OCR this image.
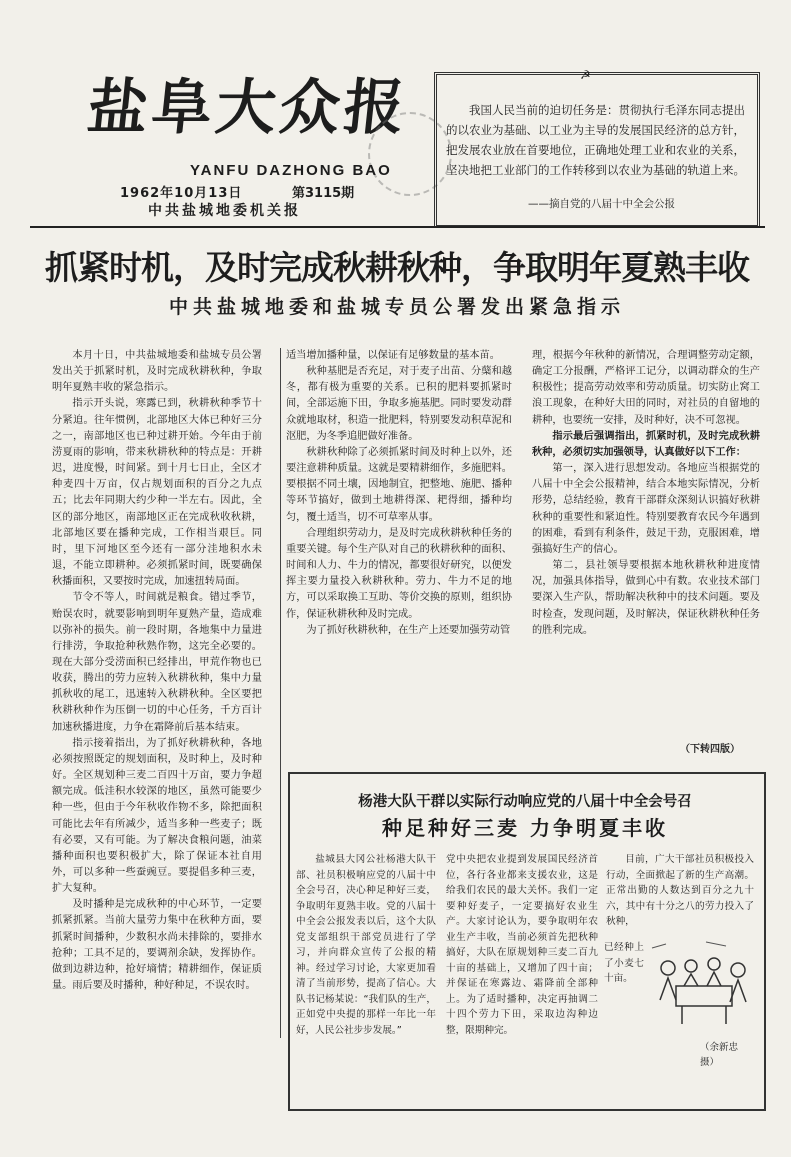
盐阜大众报
YANFU DAZHONG BAO
1962年10月13日	第3115期
中共盐城地委机关报
☭
我国人民当前的迫切任务是：贯彻执行毛泽东同志提出的以农业为基础、以工业为主导的发展国民经济的总方针，把发展农业放在首要地位，正确地处理工业和农业的关系，坚决地把工业部门的工作转移到以农业为基础的轨道上来。
——摘自党的八届十中全会公报
抓紧时机，及时完成秋耕秋种，争取明年夏熟丰收
中共盐城地委和盐城专员公署发出紧急指示

本月十日，中共盐城地委和盐城专员公署发出关于抓紧时机，及时完成秋耕秋种，争取明年夏熟丰收的紧急指示。

指示开头说，寒露已到，秋耕秋种季节十分紧迫。往年惯例，北部地区大体已种好三分之一，南部地区也已种过耕开始。今年由于前涝夏雨的影响，带来秋耕秋种的特点是：开耕迟，进度慢，时间紧。到十月七日止，全区才种麦四十万亩，仅占规划面积的百分之九点五；比去年同期大约少种一半左右。因此，全区的部分地区，南部地区正在完成秋收秋耕，北部地区要在播种完成，工作相当艰巨。同时，里下河地区至今还有一部分洼地积水未退，不能立即耕种。必须抓紧时间，既要确保秋播面积，又要按时完成，加速扭转局面。

节令不等人，时间就是粮食。错过季节，贻误农时，就要影响到明年夏熟产量，造成难以弥补的损失。前一段时期，各地集中力量进行排涝，争取抢种秋熟作物，这完全必要的。现在大部分受涝面积已经排出，甲荒作物也已收获，腾出的劳力应转入秋耕秋种，集中力量抓秋收的尾工，迅速转入秋耕秋种。全区要把秋耕秋种作为压倒一切的中心任务，千方百计加速秋播进度，力争在霜降前后基本结束。

指示接着指出，为了抓好秋耕秋种，各地必须按照既定的规划面积，及时种上，及时种好。全区规划种三麦二百四十万亩，要力争超额完成。低洼积水较深的地区，虽然可能要少种一些，但由于今年秋收作物不多，除把面积可能比去年有所减少，适当多种一些麦子；既有必要，又有可能。为了解决食粮问题，油菜播种面积也要积极扩大，除了保证本社自用外，可以多种一些蚕豌豆。要提倡多种三麦，扩大复种。

及时播种是完成秋种的中心环节，一定要抓紧抓紧。当前大量劳力集中在秋种方面，要抓紧时间播种，少数积水尚未排除的，要排水抢种；工具不足的，要调剂余缺，发挥协作。做到边耕边种，抢好墒情；精耕细作，保证质量。雨后要及时播种，种好种足，不误农时。

适当增加播种量，以保证有足够数量的基本苗。

秋种基肥是否充足，对于麦子出苗、分蘖和越冬，都有极为重要的关系。已积的肥料要抓紧时间，全部运施下田，争取多施基肥。同时要发动群众就地取材，积造一批肥料，特别要发动积草泥和沤肥，为冬季追肥做好准备。

秋耕秋种除了必须抓紧时间及时种上以外，还要注意耕种质量。这就是要精耕细作，多施肥料。要根据不同土壤，因地制宜，把整地、施肥、播种等环节搞好，做到土地耕得深、耙得细，播种均匀，覆土适当，切不可草率从事。

合理组织劳动力，是及时完成秋耕秋种任务的重要关键。每个生产队对自己的秋耕秋种的面积、时间和人力、牛力的情况，都要很好研究，以便发挥主要力量投入秋耕秋种。劳力、牛力不足的地方，可以采取换工互助、等价交换的原则，组织协作，保证秋耕秋种及时完成。

为了抓好秋耕秋种，在生产上还要加强劳动管

理，根据今年秋种的新情况，合理调整劳动定额，确定工分报酬，严格评工记分，以调动群众的生产积极性；提高劳动效率和劳动质量。切实防止窝工浪工现象，在种好大田的同时，对社员的自留地的耕种，也要统一安排，及时种好，决不可忽视。

指示最后强调指出，抓紧时机，及时完成秋耕秋种，必须切实加强领导，认真做好以下工作：

第一，深入进行思想发动。各地应当根据党的八届十中全会公报精神，结合本地实际情况，分析形势，总结经验，教育干部群众深刻认识搞好秋耕秋种的重要性和紧迫性。特别要教育农民今年遇到的困难，看到有利条件，鼓足干劲，克服困难，增强搞好生产的信心。

第二，县社领导要根据本地秋耕秋种进度情况，加强具体指导，做到心中有数。农业技术部门要深入生产队，帮助解决秋种中的技术问题。要及时检查，发现问题，及时解决，保证秋耕秋种任务的胜利完成。

（下转四版）
杨港大队干群以实际行动响应党的八届十中全会号召
种足种好三麦 力争明夏丰收

盐城县大冈公社杨港大队干部、社员积极响应党的八届十中全会号召，决心种足种好三麦，争取明年夏熟丰收。党的八届十中全会公报发表以后，这个大队党支部组织干部党员进行了学习，并向群众宣传了公报的精神。经过学习讨论，大家更加看清了当前形势，提高了信心。大队书记杨某说：“我们队的生产，正如党中央提的那样一年比一年好，人民公社步步发展。”

党中央把农业提到发展国民经济首位，各行各业都来支援农业，这是给我们农民的最大关怀。我们一定要种好麦子，一定要搞好农业生产。大家讨论认为，要争取明年农业生产丰收，当前必须首先把秋种搞好，大队在原规划种三麦二百九十亩的基础上，又增加了四十亩；并保证在寒露边、霜降前全部种上。为了适时播种，决定再抽调二十四个劳力下田，采取边沟种边整，限期种完。

目前，广大干部社员积极投入行动，全面掀起了新的生产高潮。正常出勤的人数达到百分之九十六，其中有十分之八的劳力投入了秋种，

已经种上了小麦七十亩。

（余新忠摄）
